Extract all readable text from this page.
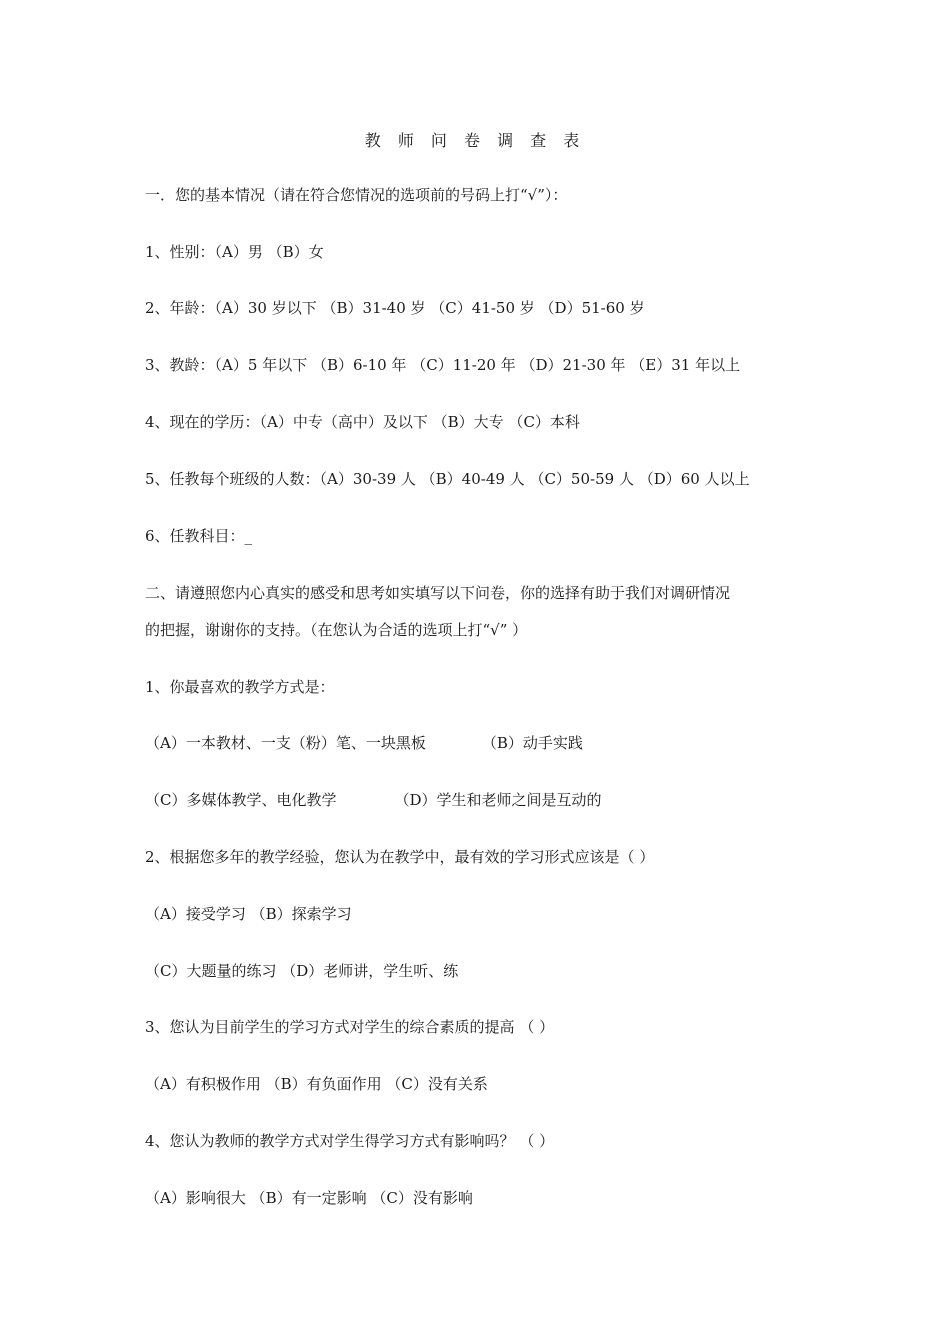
教 师 问 卷 调 查 表
一．您的基本情况（请在符合您情况的选项前的号码上打“√”）：
1、性别：（A）男 （B）女
2、年龄：（A）30 岁以下 （B）31-40 岁 （C）41-50 岁 （D）51-60 岁
3、教龄：（A）5 年以下 （B）6-10 年 （C）11-20 年 （D）21-30 年 （E）31 年以上
4、现在的学历：（A）中专（高中）及以下 （B）大专 （C）本科
5、任教每个班级的人数：（A）30-39 人 （B）40-49 人 （C）50-59 人 （D）60 人以上
6、任教科目：_
二、请遵照您内心真实的感受和思考如实填写以下问卷，你的选择有助于我们对调研情况
的把握，谢谢你的支持。（在您认为合适的选项上打“√” ）
1、你最喜欢的教学方式是：
（A）一本教材、一支（粉）笔、一块黑板	（B）动手实践
（C）多媒体教学、电化教学	（D）学生和老师之间是互动的
2、根据您多年的教学经验，您认为在教学中，最有效的学习形式应该是（ ）
（A）接受学习 （B）探索学习
（C）大题量的练习 （D）老师讲，学生听、练
3、您认为目前学生的学习方式对学生的综合素质的提高 （ ）
（A）有积极作用 （B）有负面作用 （C）没有关系
4、您认为教师的教学方式对学生得学习方式有影响吗？ （ ）
（A）影响很大 （B）有一定影响 （C）没有影响
